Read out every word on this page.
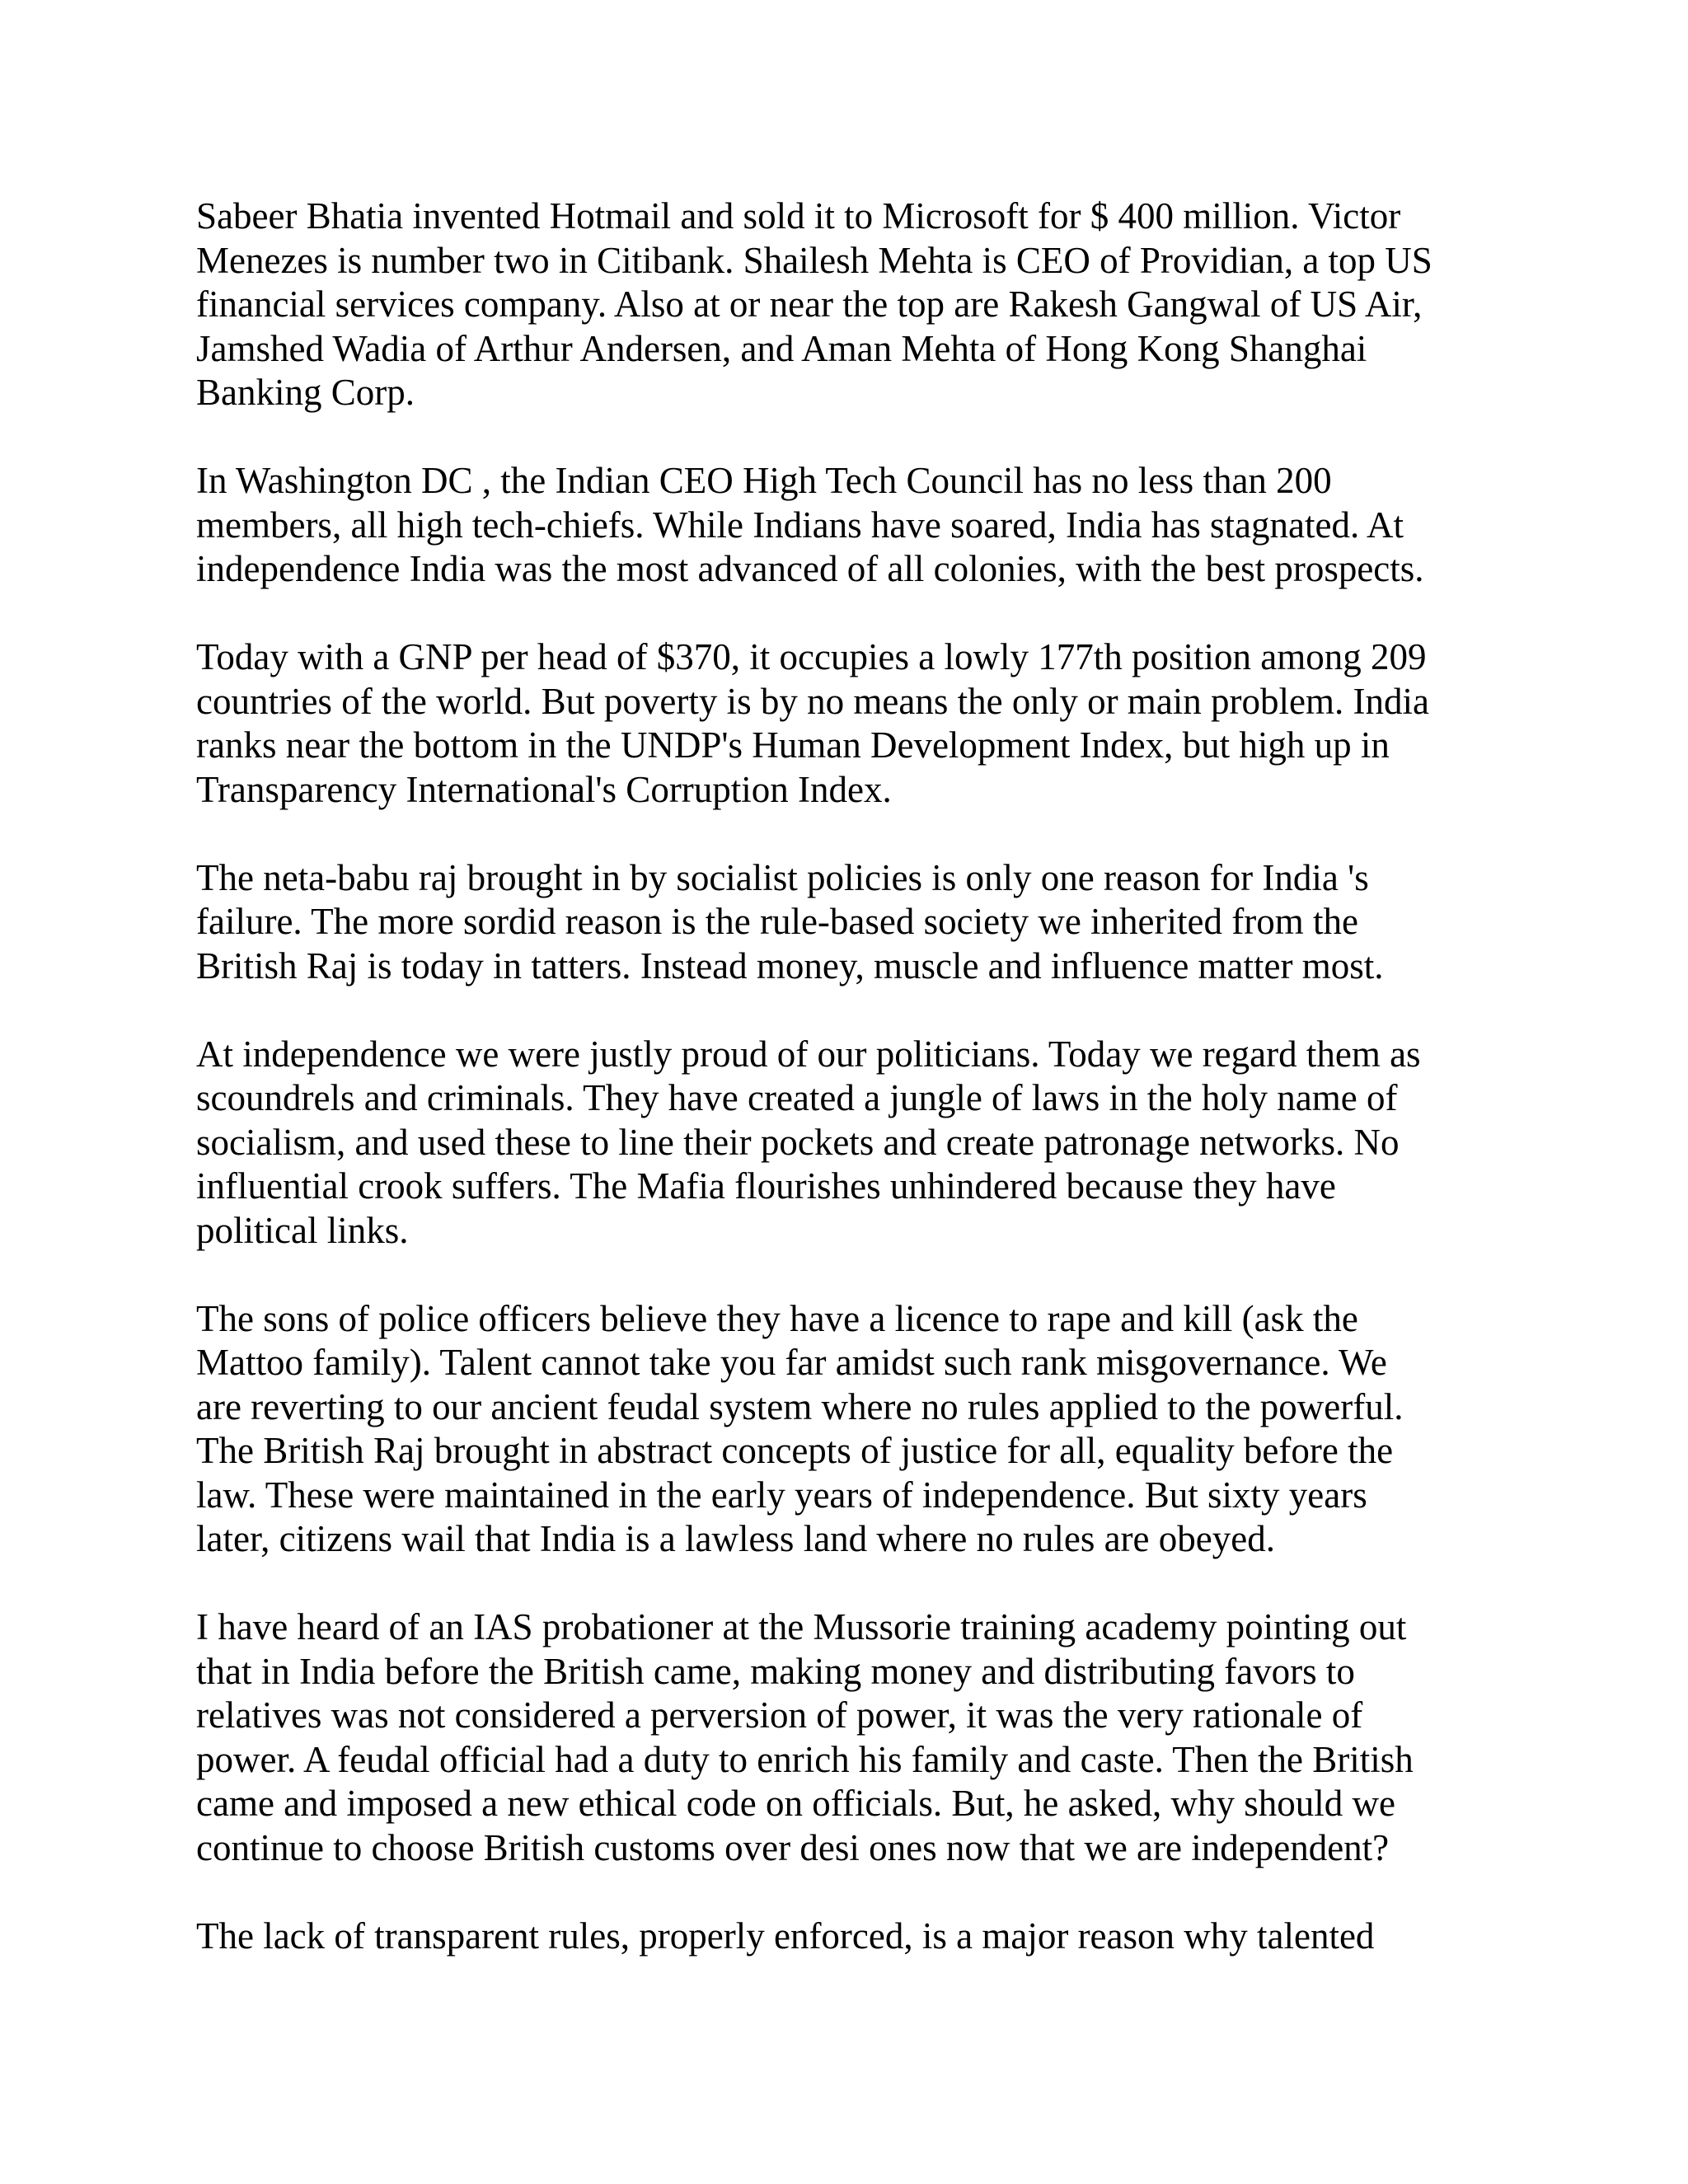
Sabeer Bhatia invented Hotmail and sold it to Microsoft for $ 400 million. Victor
Menezes is number two in Citibank. Shailesh Mehta is CEO of Providian, a top US
financial services company. Also at or near the top are Rakesh Gangwal of US Air,
Jamshed Wadia of Arthur Andersen, and Aman Mehta of Hong Kong Shanghai
Banking Corp.

In Washington DC , the Indian CEO High Tech Council has no less than 200
members, all high tech-chiefs. While Indians have soared, India has stagnated. At
independence India was the most advanced of all colonies, with the best prospects.

Today with a GNP per head of $370, it occupies a lowly 177th position among 209
countries of the world. But poverty is by no means the only or main problem. India
ranks near the bottom in the UNDP's Human Development Index, but high up in
Transparency International's Corruption Index.

The neta-babu raj brought in by socialist policies is only one reason for India 's
failure. The more sordid reason is the rule-based society we inherited from the
British Raj is today in tatters. Instead money, muscle and influence matter most.

At independence we were justly proud of our politicians. Today we regard them as
scoundrels and criminals. They have created a jungle of laws in the holy name of
socialism, and used these to line their pockets and create patronage networks. No
influential crook suffers. The Mafia flourishes unhindered because they have
political links.

The sons of police officers believe they have a licence to rape and kill (ask the
Mattoo family). Talent cannot take you far amidst such rank misgovernance. We
are reverting to our ancient feudal system where no rules applied to the powerful.
The British Raj brought in abstract concepts of justice for all, equality before the
law. These were maintained in the early years of independence. But sixty years
later, citizens wail that India is a lawless land where no rules are obeyed.

I have heard of an IAS probationer at the Mussorie training academy pointing out
that in India before the British came, making money and distributing favors to
relatives was not considered a perversion of power, it was the very rationale of
power. A feudal official had a duty to enrich his family and caste. Then the British
came and imposed a new ethical code on officials. But, he asked, why should we
continue to choose British customs over desi ones now that we are independent?

The lack of transparent rules, properly enforced, is a major reason why talented
